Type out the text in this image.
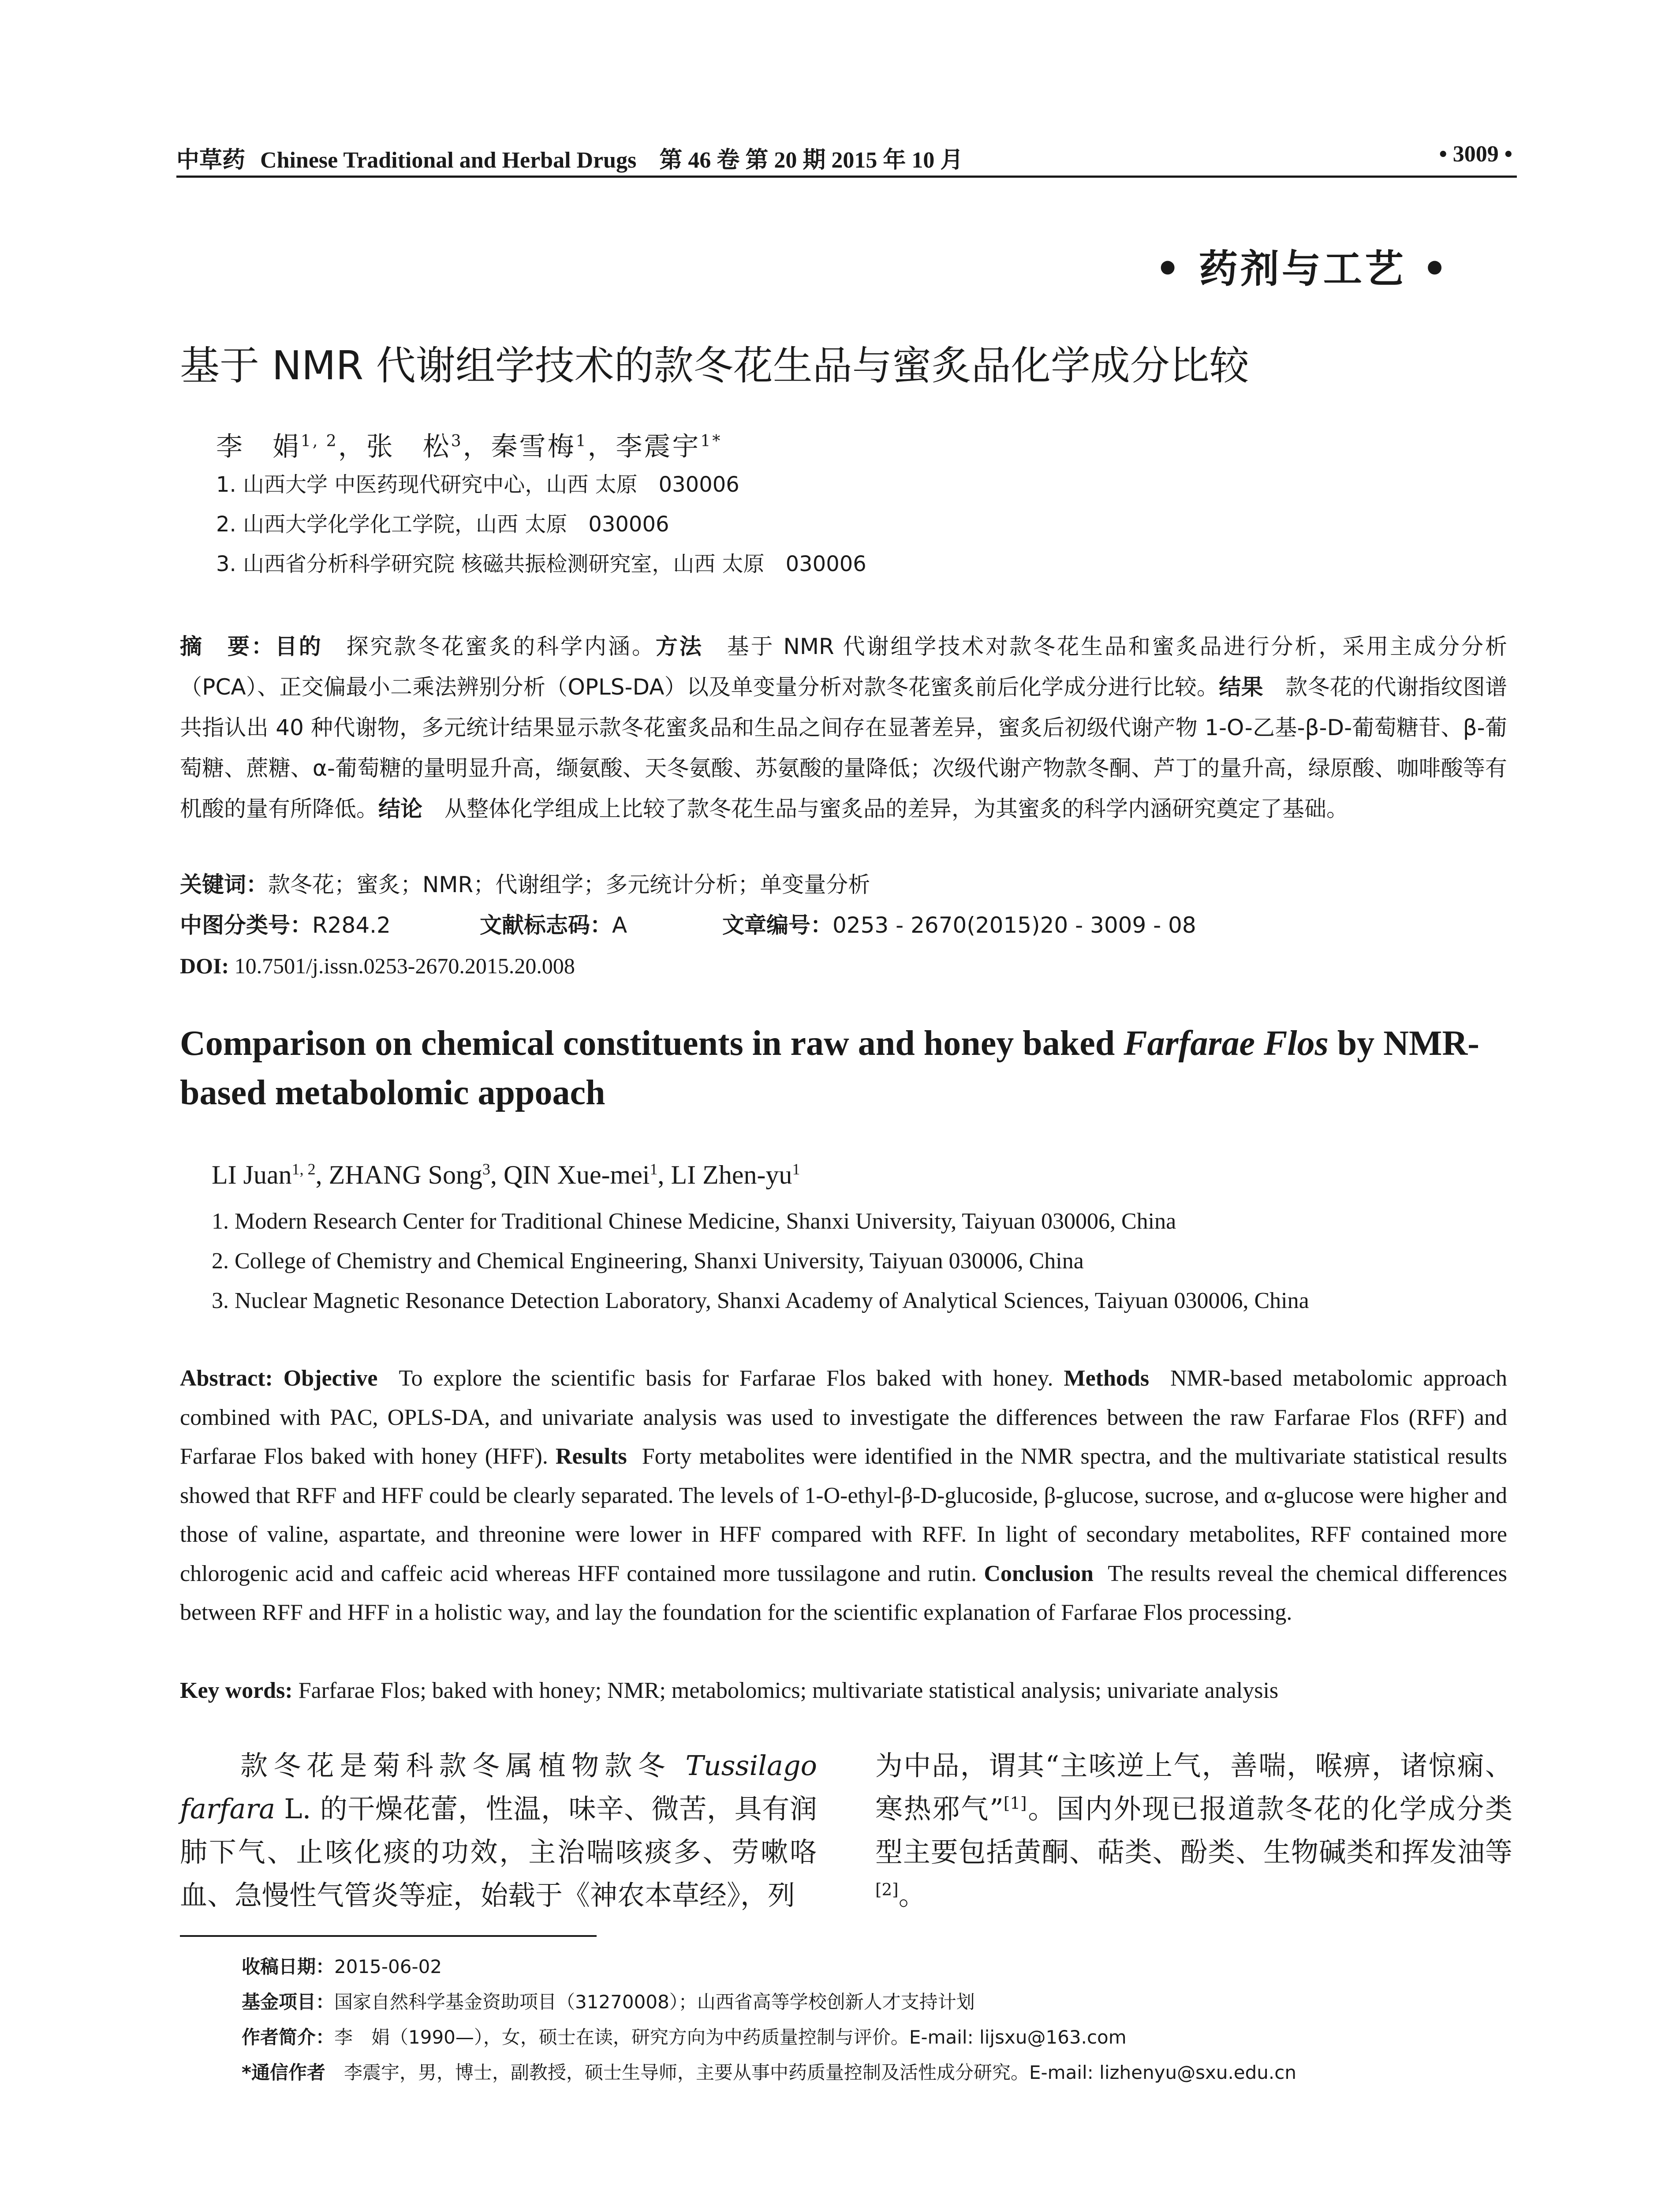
中草药 Chinese Traditional and Herbal Drugs　第 46 卷 第 20 期 2015 年 10 月	• 3009 •
• 药剂与工艺 •
基于 NMR 代谢组学技术的款冬花生品与蜜炙品化学成分比较
李　娟$^{1, 2}$，张　松$^3$，秦雪梅$^1$，李震宇$^{1*}$
1. 山西大学 中医药现代研究中心，山西 太原　030006
2. 山西大学化学化工学院，山西 太原　030006
3. 山西省分析科学研究院 核磁共振检测研究室，山西 太原　030006
摘　要：目的　 探究款冬花蜜炙的科学内涵。方法　 基于 NMR 代谢组学技术对款冬花生品和蜜炙品进行分析，采用主成分分析（PCA）、正交偏最小二乘法辨别分析（OPLS-DA）以及单变量分析对款冬花蜜炙前后化学成分进行比较。结果　 款冬花的代谢指纹图谱共指认出 40 种代谢物，多元统计结果显示款冬花蜜炙品和生品之间存在显著差异，蜜炙后初级代谢产物 1-O-乙基-β-D-葡萄糖苷、β-葡萄糖、蔗糖、α-葡萄糖的量明显升高，缬氨酸、天冬氨酸、苏氨酸的量降低；次级代谢产物款冬酮、芦丁的量升高，绿原酸、咖啡酸等有机酸的量有所降低。结论　 从整体化学组成上比较了款冬花生品与蜜炙品的差异，为其蜜炙的科学内涵研究奠定了基础。
关键词：款冬花；蜜炙；NMR；代谢组学；多元统计分析；单变量分析
中图分类号：R284.2	文献标志码：A	文章编号：0253 - 2670(2015)20 - 3009 - 08
DOI: 10.7501/j.issn.0253-2670.2015.20.008
Comparison on chemical constituents in raw and honey baked Farfarae Flos by NMR-based metabolomic appoach
LI Juan$^{1, 2}$, ZHANG Song$^3$, QIN Xue-mei$^1$, LI Zhen-$yu^1$
1. Modern Research Center for Traditional Chinese Medicine, Shanxi University, Taiyuan 030006, China
2. College of Chemistry and Chemical Engineering, Shanxi University, Taiyuan 030006, China
3. Nuclear Magnetic Resonance Detection Laboratory, Shanxi Academy of Analytical Sciences, Taiyuan 030006, China
Abstract: Objective To explore the scientific basis for Farfarae Flos baked with honey. Methods NMR-based metabolomic approach combined with PAC, OPLS-DA, and univariate analysis was used to investigate the differences between the raw Farfarae Flos (RFF) and Farfarae Flos baked with honey (HFF). Results Forty metabolites were identified in the NMR spectra, and the multivariate statistical results showed that RFF and HFF could be clearly separated. The levels of 1-O-ethyl-β-D-glucoside, β-glucose, sucrose, and α-glucose were higher and those of valine, aspartate, and threonine were lower in HFF compared with RFF. In light of secondary metabolites, RFF contained more chlorogenic acid and caffeic acid whereas HFF contained more tussilagone and rutin. Conclusion The results reveal the chemical differences between RFF and HFF in a holistic way, and lay the foundation for the scientific explanation of Farfarae Flos processing.
Key words: Farfarae Flos; baked with honey; NMR; metabolomics; multivariate statistical analysis; univariate analysis
款冬花是菊科款冬属植物款冬 Tussilago farfara L. 的干燥花蕾，性温，味辛、微苦，具有润肺下气、止咳化痰的功效，主治喘咳痰多、劳嗽咯血、急慢性气管炎等症，始载于《神农本草经》，列
为中品，谓其“主咳逆上气，善喘，喉痹，诸惊痫、寒热邪气”[1]。国内外现已报道款冬花的化学成分类型主要包括黄酮、萜类、酚类、生物碱类和挥发油等[2]。
收稿日期：2015-06-02
基金项目：国家自然科学基金资助项目（31270008）；山西省高等学校创新人才支持计划
作者简介：李　娟（1990—），女，硕士在读，研究方向为中药质量控制与评价。E-mail: lijsxu@163.com
*通信作者　李震宇，男，博士，副教授，硕士生导师，主要从事中药质量控制及活性成分研究。E-mail: lizhenyu@sxu.edu.cn
